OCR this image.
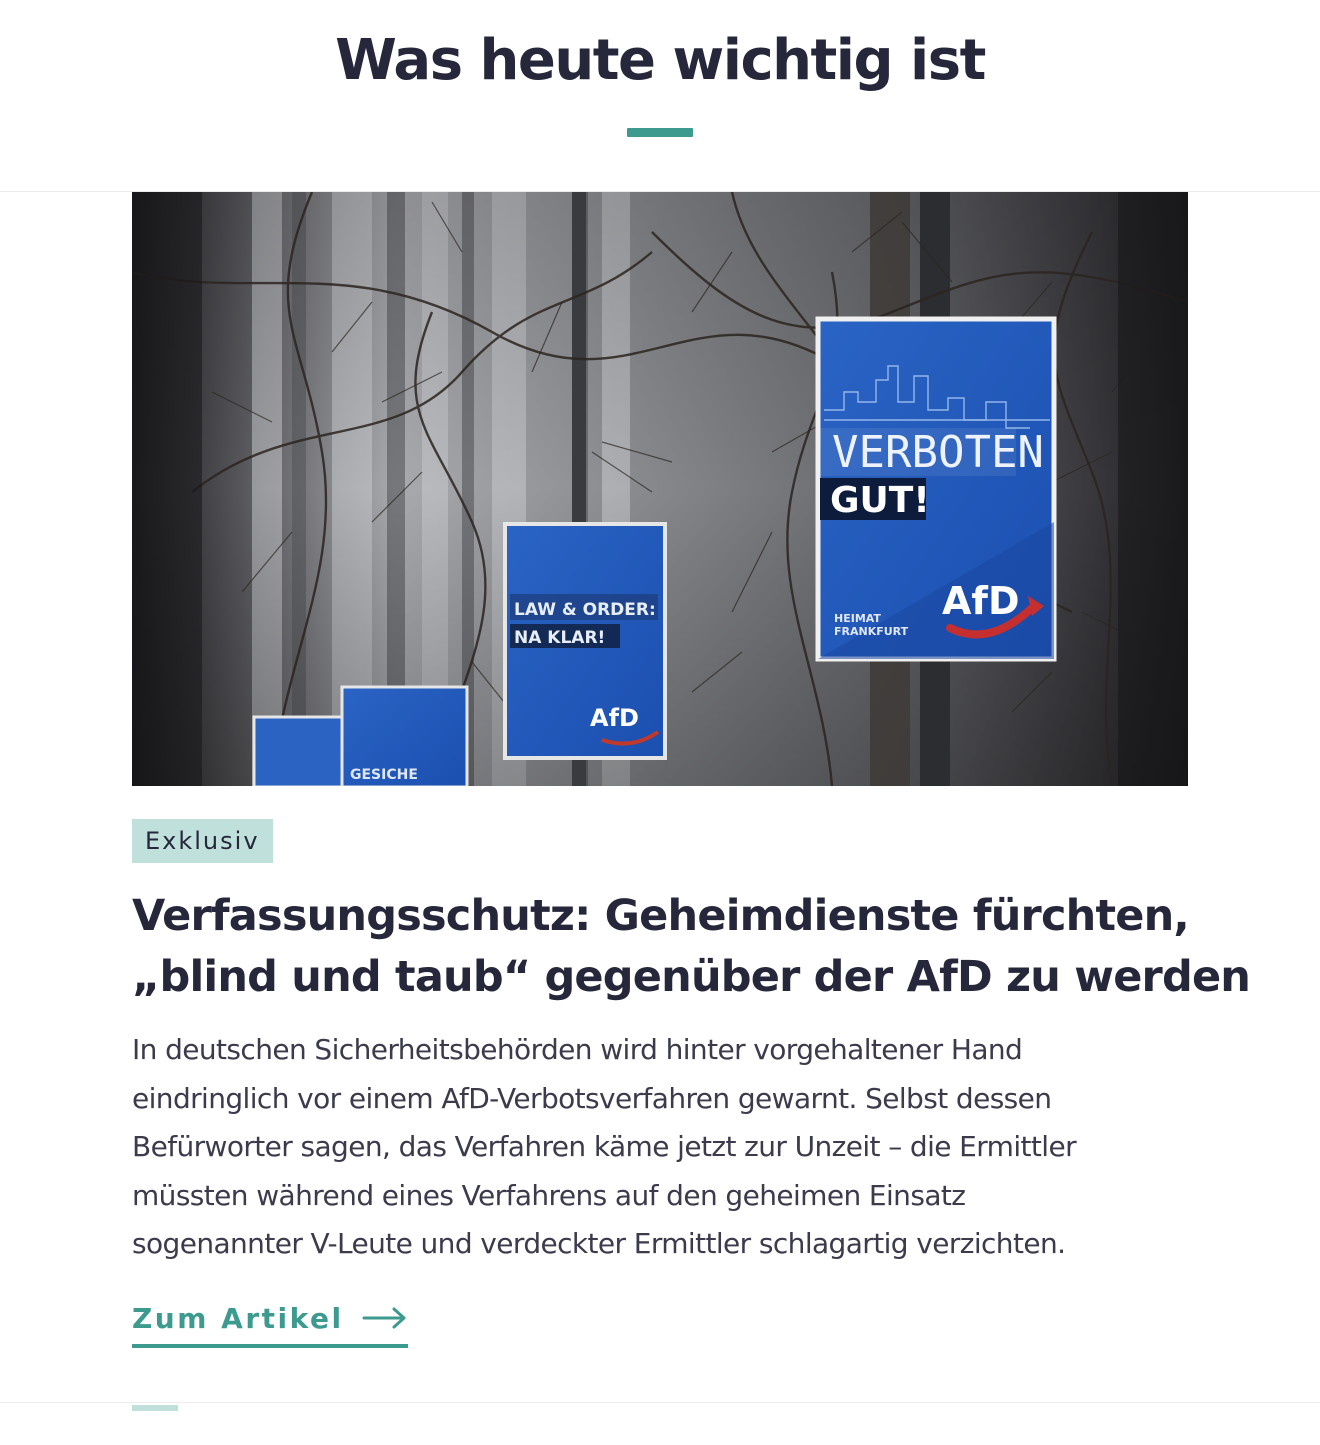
Was heute wichtig ist
GESICHE
LAW & ORDER:
NA KLAR!
AfD
VERBOTEN
GUT!
AfD
HEIMAT
FRANKFURT
Exklusiv
Verfassungsschutz: Geheimdienste fürchten,
„blind und taub“ gegenüber der AfD zu werden

In deutschen Sicherheitsbehörden wird hinter vorgehaltener Hand
eindringlich vor einem AfD-Verbotsverfahren gewarnt. Selbst dessen
Befürworter sagen, das Verfahren käme jetzt zur Unzeit – die Ermittler
müssten während eines Verfahrens auf den geheimen Einsatz
sogenannter V-Leute und verdeckter Ermittler schlagartig verzichten.

Zum Artikel
